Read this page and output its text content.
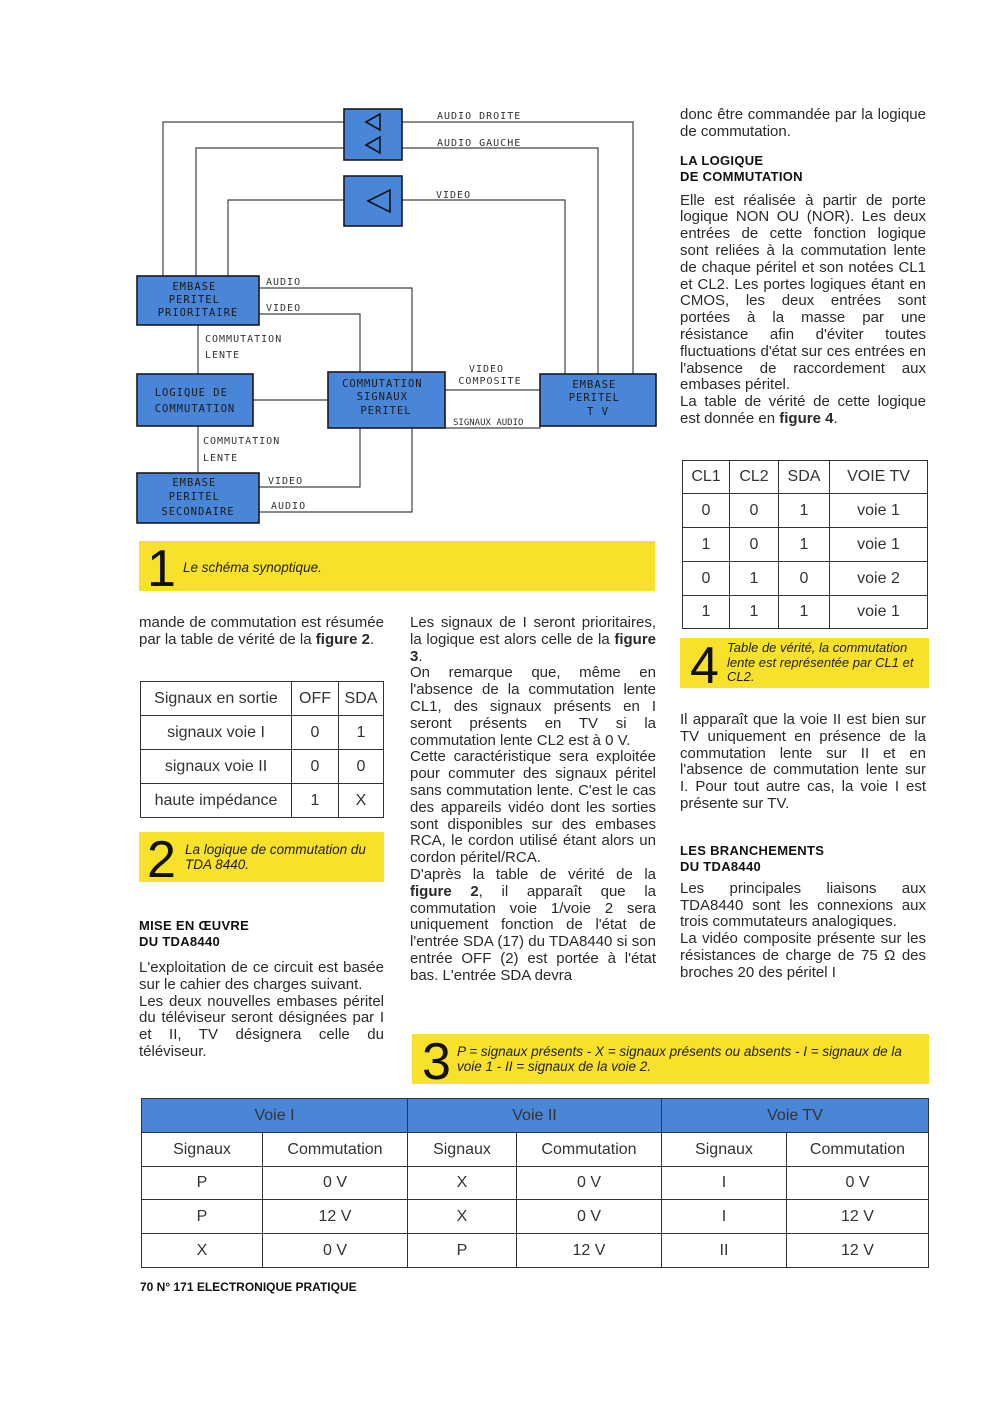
EMBASE PERITEL PRIORITAIRE
LOGIQUE DE COMMUTATION
EMBASE PERITEL SECONDAIRE
COMMUTATION SIGNAUX PERITEL
EMBASE PERITEL T V
AUDIO DROITE
AUDIO GAUCHE
VIDEO
AUDIO
VIDEO
COMMUTATION LENTE
COMMUTATION LENTE
VIDEO COMPOSITE
SIGNAUX AUDIO
VIDEO
AUDIO
1 Le schéma synoptique.

donc être commandée par la logique de commutation.

LA LOGIQUE
DE COMMUTATION

Elle est réalisée à partir de porte logique NON OU (NOR). Les deux entrées de cette fonction logique sont reliées à la commutation lente de chaque péritel et son notées CL1 et CL2. Les portes logiques étant en CMOS, les deux entrées sont portées à la masse par une résistance afin d'éviter toutes fluctuations d'état sur ces entrées en l'absence de raccordement aux embases péritel.

La table de vérité de cette logique est donnée en figure 4.

CL1	CL2	SDA	VOIE TV
0	0	1	voie 1
1	0	1	voie 1
0	1	0	voie 2
1	1	1	voie 1
4 Table de vérité, la commutation lente est représentée par CL1 et CL2.

Il apparaît que la voie II est bien sur TV uniquement en présence de la commutation lente sur II et en l'absence de commutation lente sur I. Pour tout autre cas, la voie I est présente sur TV.

LES BRANCHEMENTS
DU TDA8440

Les principales liaisons aux TDA8440 sont les connexions aux trois commutateurs analogiques.

La vidéo composite présente sur les résistances de charge de 75 Ω des broches 20 des péritel I

mande de commutation est résumée par la table de vérité de la figure 2.

Signaux en sortie	OFF	SDA
signaux voie I	0	1
signaux voie II	0	0
haute impédance	1	X
2 La logique de commutation du TDA 8440.
MISE EN ŒUVRE
DU TDA8440

L'exploitation de ce circuit est basée sur le cahier des charges suivant.

Les deux nouvelles embases péritel du téléviseur seront désignées par I et II, TV désignera celle du téléviseur.

Les signaux de I seront prioritaires, la logique est alors celle de la figure 3.

On remarque que, même en l'absence de la commutation lente CL1, des signaux présents en I seront présents en TV si la commutation lente CL2 est à 0 V.

Cette caractéristique sera exploitée pour commuter des signaux péritel sans commutation lente. C'est le cas des appareils vidéo dont les sorties sont disponibles sur des embases RCA, le cordon utilisé étant alors un cordon péritel/RCA.

D'après la table de vérité de la figure 2, il apparaît que la commutation voie 1/voie 2 sera uniquement fonction de l'état de l'entrée SDA (17) du TDA8440 si son entrée OFF (2) est portée à l'état bas. L'entrée SDA devra

3 P = signaux présents - X = signaux présents ou absents - I = signaux de la voie 1 - II = signaux de la voie 2.
Voie I		Voie II		Voie TV	
Signaux	Commutation	Signaux	Commutation	Signaux	Commutation
P	0 V	X	0 V	I	0 V
P	12 V	X	0 V	I	12 V
X	0 V	P	12 V	II	12 V
70 N° 171 ELECTRONIQUE PRATIQUE
